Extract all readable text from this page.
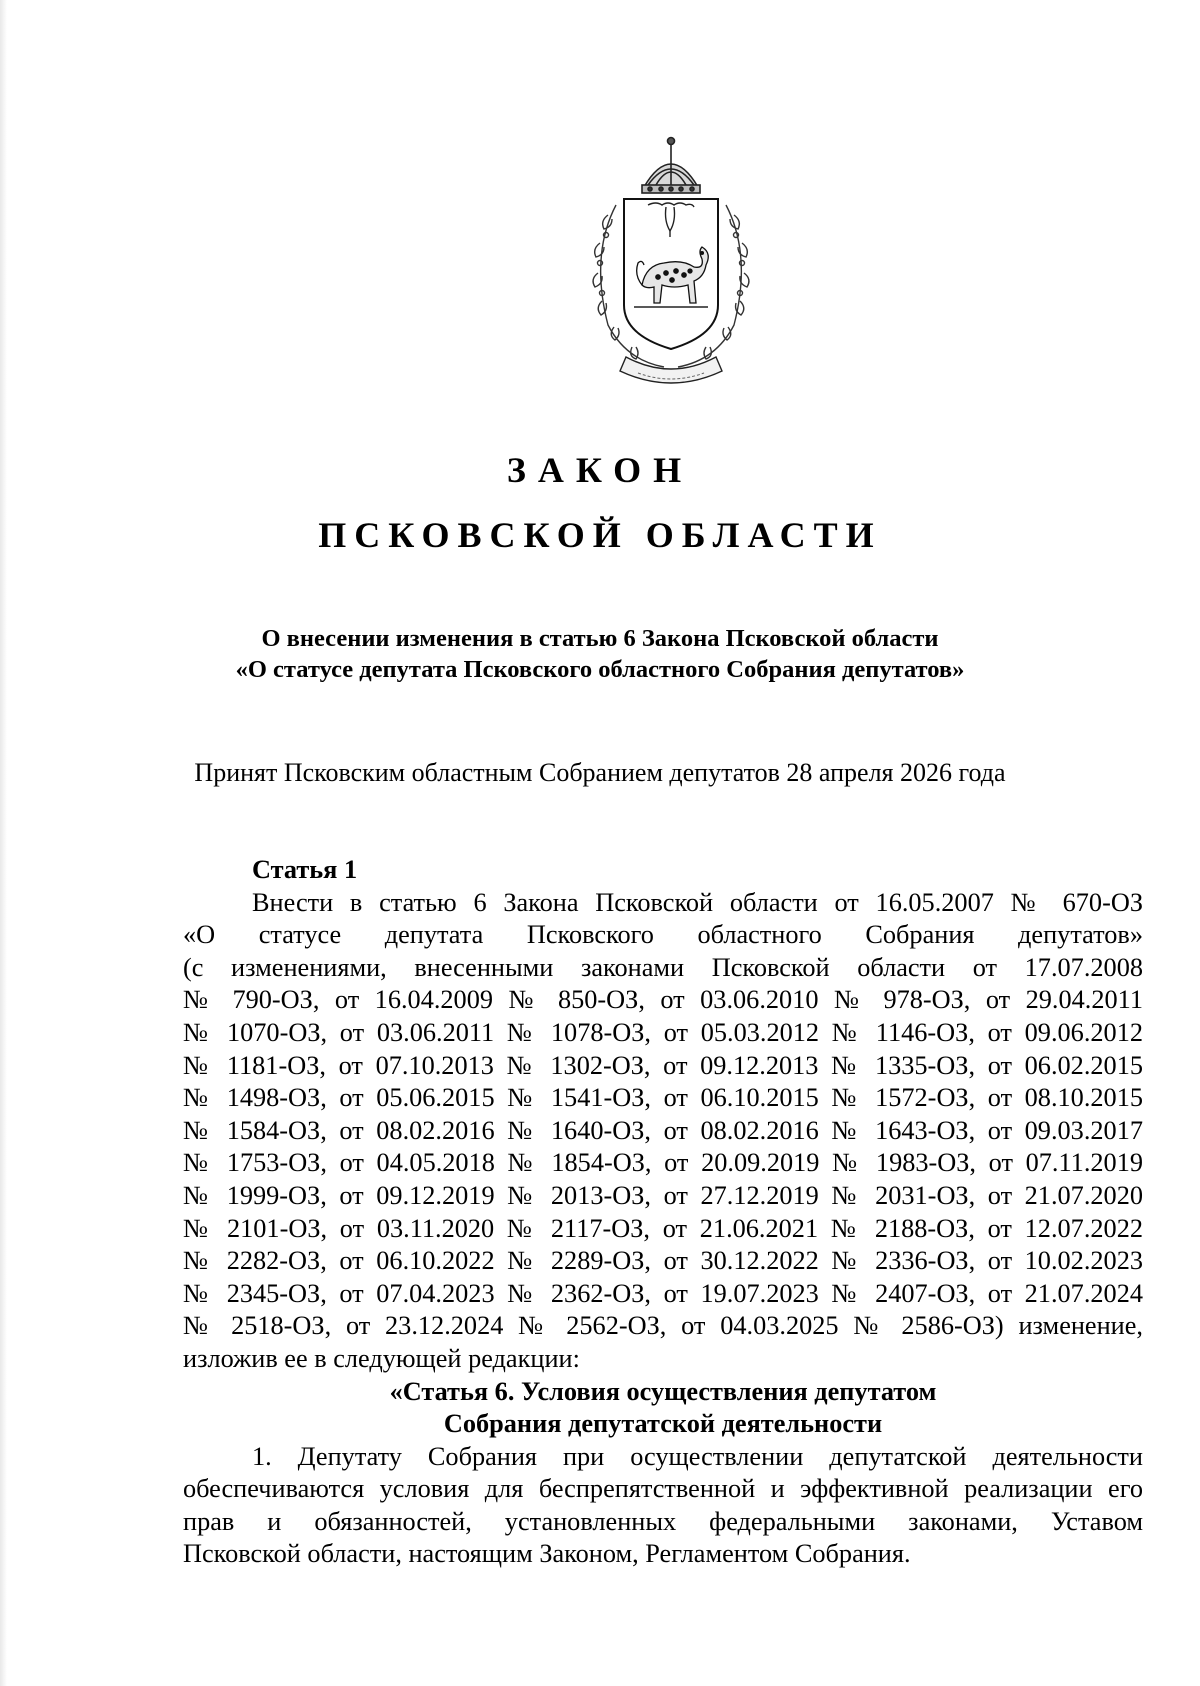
ЗАКОН
ПСКОВСКОЙ ОБЛАСТИ
О внесении изменения в статью 6 Закона Псковской области
«О статусе депутата Псковского областного Собрания депутатов»
Принят Псковским областным Собранием депутатов 28 апреля 2026 года

Статья 1

Внести в статью 6 Закона Псковской области от 16.05.2007 № 670-ОЗ
«О статусе депутата Псковского областного Собрания депутатов»
(с изменениями, внесенными законами Псковской области от 17.07.2008
№ 790-ОЗ, от 16.04.2009 № 850-ОЗ, от 03.06.2010 № 978-ОЗ, от 29.04.2011
№ 1070-ОЗ, от 03.06.2011 № 1078-ОЗ, от 05.03.2012 № 1146-ОЗ, от 09.06.2012
№ 1181-ОЗ, от 07.10.2013 № 1302-ОЗ, от 09.12.2013 № 1335-ОЗ, от 06.02.2015
№ 1498-ОЗ, от 05.06.2015 № 1541-ОЗ, от 06.10.2015 № 1572-ОЗ, от 08.10.2015
№ 1584-ОЗ, от 08.02.2016 № 1640-ОЗ, от 08.02.2016 № 1643-ОЗ, от 09.03.2017
№ 1753-ОЗ, от 04.05.2018 № 1854-ОЗ, от 20.09.2019 № 1983-ОЗ, от 07.11.2019
№ 1999-ОЗ, от 09.12.2019 № 2013-ОЗ, от 27.12.2019 № 2031-ОЗ, от 21.07.2020
№ 2101-ОЗ, от 03.11.2020 № 2117-ОЗ, от 21.06.2021 № 2188-ОЗ, от 12.07.2022
№ 2282-ОЗ, от 06.10.2022 № 2289-ОЗ, от 30.12.2022 № 2336-ОЗ, от 10.02.2023
№ 2345-ОЗ, от 07.04.2023 № 2362-ОЗ, от 19.07.2023 № 2407-ОЗ, от 21.07.2024
№ 2518-ОЗ, от 23.12.2024 № 2562-ОЗ, от 04.03.2025 № 2586-ОЗ) изменение,
изложив ее в следующей редакции:

«Статья 6. Условия осуществления депутатом

Собрания депутатской деятельности

1. Депутату Собрания при осуществлении депутатской деятельности
обеспечиваются условия для беспрепятственной и эффективной реализации его
прав и обязанностей, установленных федеральными законами, Уставом
Псковской области, настоящим Законом, Регламентом Собрания.
